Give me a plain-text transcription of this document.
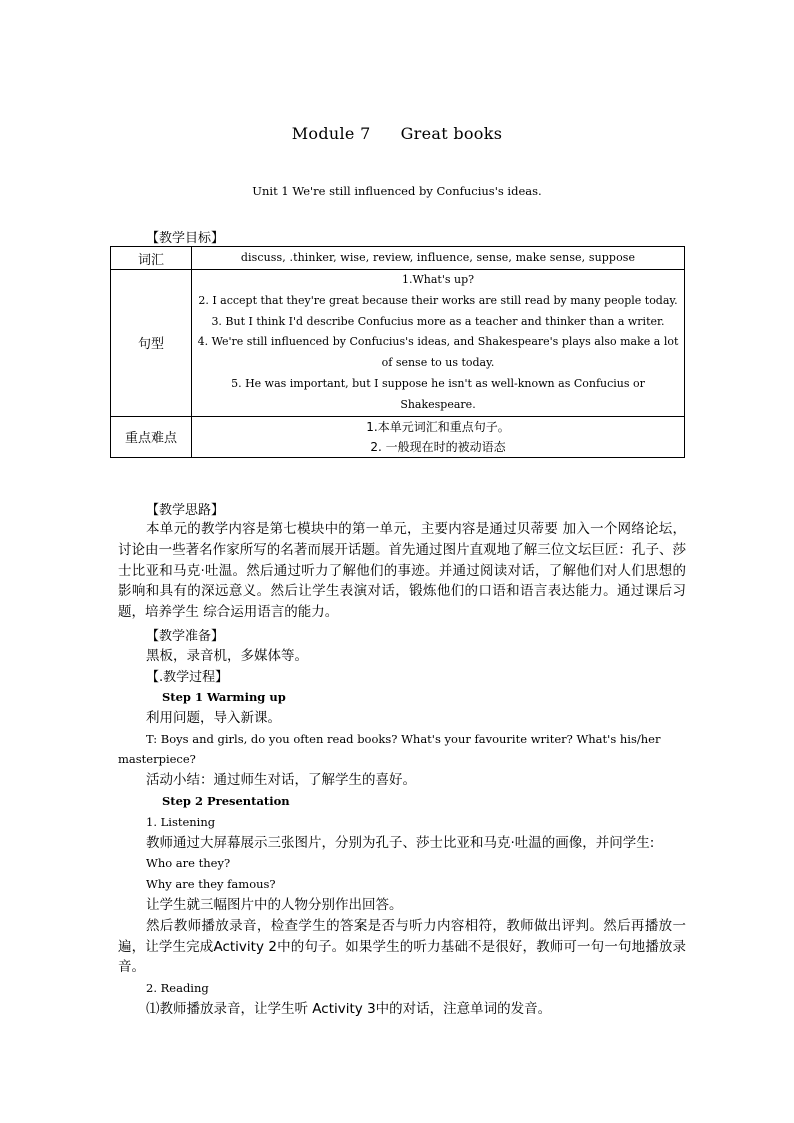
Module 7 Great books
Unit 1 We're still influenced by Confucius's ideas.
【教学目标】
词汇	discuss, .thinker, wise, review, influence, sense, make sense, suppose
句型	1.What's up?

2. I accept that they're great because their works are still read by many people today.

3. But I think I'd describe Confucius more as a teacher and thinker than a writer.

4. We're still influenced by Confucius's ideas, and Shakespeare's plays also make a lot of sense to us today.

5. He was important, but I suppose he isn't as well-known as Confucius or Shakespeare.

重点难点	1.本单元词汇和重点句子。

2. 一般现在时的被动语态

【教学思路】

本单元的教学内容是第七模块中的第一单元，主要内容是通过贝蒂要 加入一个网络论坛，讨论由一些著名作家所写的名著而展开话题。首先通过图片直观地了解三位文坛巨匠：孔子、莎士比亚和马克·吐温。然后通过听力了解他们的事迹。并通过阅读对话，了解他们对人们思想的影响和具有的深远意义。然后让学生表演对话，锻炼他们的口语和语言表达能力。通过课后习题，培养学生 综合运用语言的能力。

【教学准备】

黑板，录音机，多媒体等。

【.教学过程】

Step 1 Warming up

利用问题，导入新课。

T: Boys and girls, do you often read books? What's your favourite writer? What's his/her masterpiece?

活动小结：通过师生对话，了解学生的喜好。

Step 2 Presentation

1. Listening

教师通过大屏幕展示三张图片，分别为孔子、莎士比亚和马克·吐温的画像，并问学生:

Who are they?

Why are they famous?

让学生就三幅图片中的人物分别作出回答。

然后教师播放录音，检查学生的答案是否与听力内容相符，教师做出评判。然后再播放一遍，让学生完成Activity 2中的句子。如果学生的听力基础不是很好，教师可一句一句地播放录音。

2. Reading

⑴教师播放录音，让学生听 Activity 3中的对话，注意单词的发音。
